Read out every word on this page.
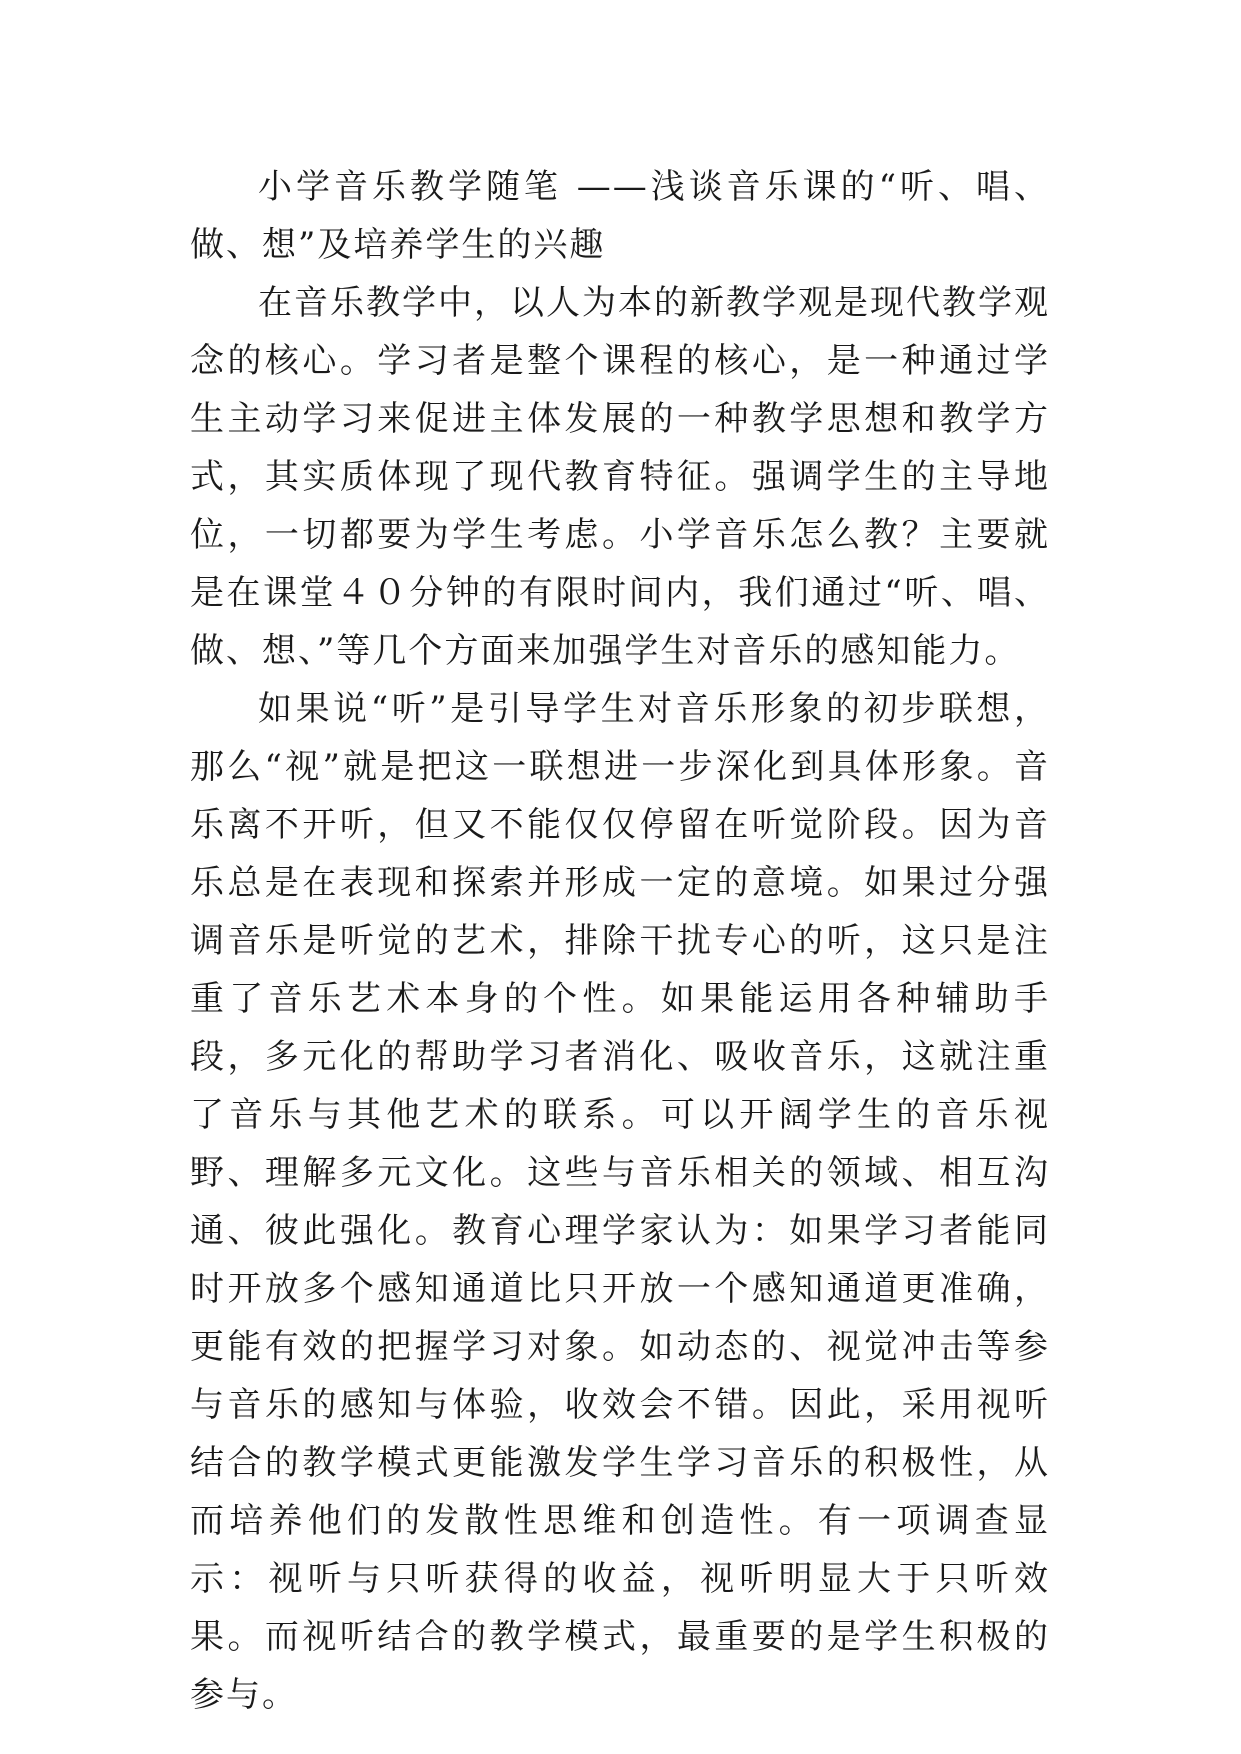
小学音乐教学随笔 ——浅谈音乐课的“听、唱、做、想”及培养学生的兴趣

在音乐教学中，以人为本的新教学观是现代教学观念的核心。学习者是整个课程的核心，是一种通过学生主动学习来促进主体发展的一种教学思想和教学方式，其实质体现了现代教育特征。强调学生的主导地位，一切都要为学生考虑。小学音乐怎么教？主要就是在课堂４０分钟的有限时间内，我们通过“听、唱、做、想、”等几个方面来加强学生对音乐的感知能力。

如果说“听”是引导学生对音乐形象的初步联想，那么“视”就是把这一联想进一步深化到具体形象。音乐离不开听，但又不能仅仅停留在听觉阶段。因为音乐总是在表现和探索并形成一定的意境。如果过分强调音乐是听觉的艺术，排除干扰专心的听，这只是注重了音乐艺术本身的个性。如果能运用各种辅助手段，多元化的帮助学习者消化、吸收音乐，这就注重了音乐与其他艺术的联系。可以开阔学生的音乐视野、理解多元文化。这些与音乐相关的领域、相互沟通、彼此强化。教育心理学家认为：如果学习者能同时开放多个感知通道比只开放一个感知通道更准确，更能有效的把握学习对象。如动态的、视觉冲击等参与音乐的感知与体验，收效会不错。因此，采用视听结合的教学模式更能激发学生学习音乐的积极性，从而培养他们的发散性思维和创造性。有一项调查显示：视听与只听获得的收益，视听明显大于只听效果。而视听结合的教学模式，最重要的是学生积极的参与。
